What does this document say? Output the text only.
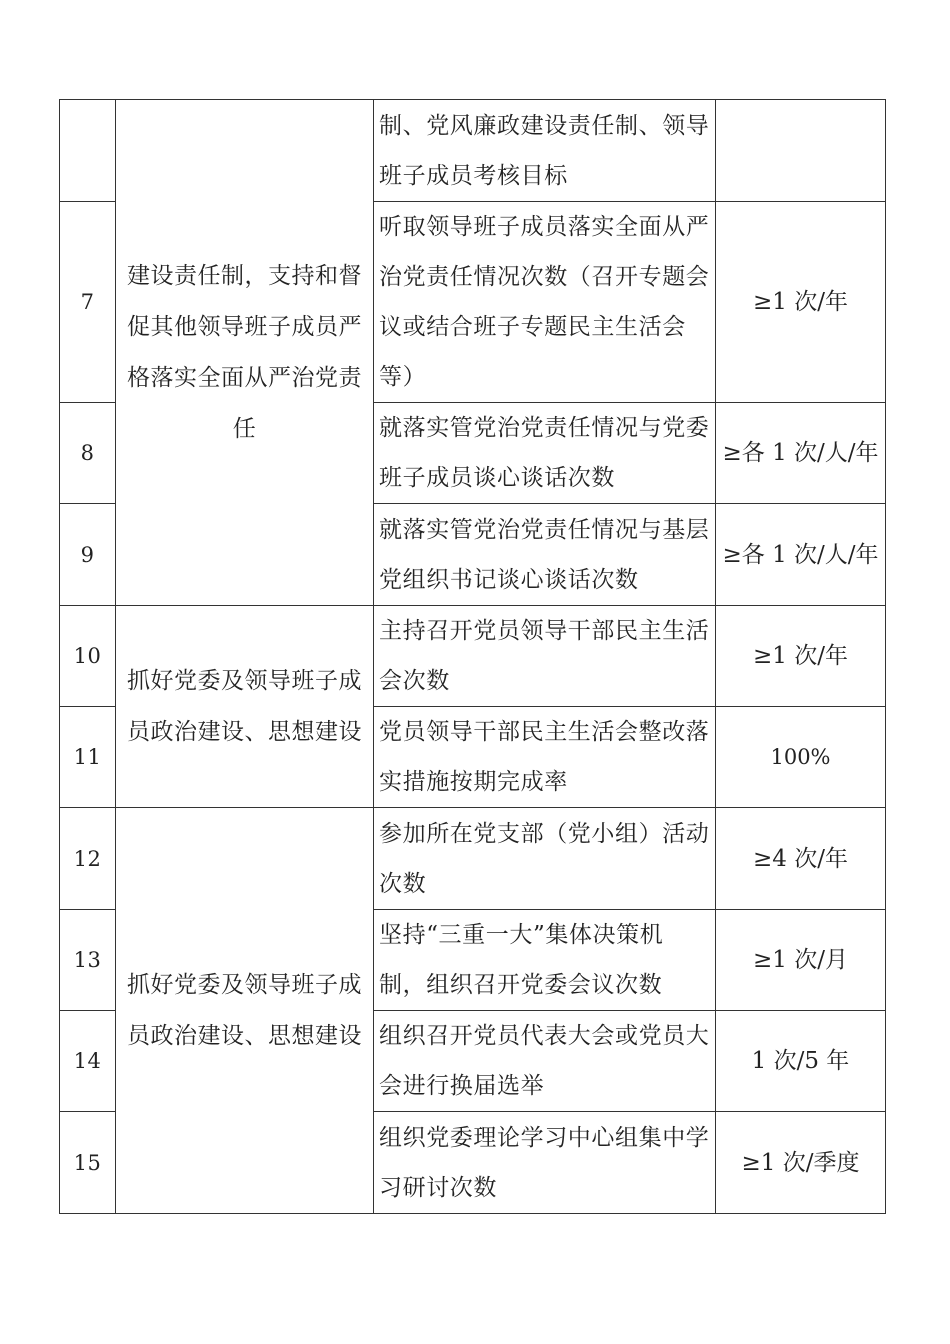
	建设责任制，支持和督促其他领导班子成员严格落实全面从严治党责任	制、党风廉政建设责任制、领导班子成员考核目标	
7		听取领导班子成员落实全面从严治党责任情况次数（召开专题会议或结合班子专题民主生活会等）	≥1 次/年
8		就落实管党治党责任情况与党委班子成员谈心谈话次数	≥各 1 次/人/年
9		就落实管党治党责任情况与基层党组织书记谈心谈话次数	≥各 1 次/人/年
10	抓好党委及领导班子成员政治建设、思想建设	主持召开党员领导干部民主生活会次数	≥1 次/年
11		党员领导干部民主生活会整改落实措施按期完成率	100%
12	抓好党委及领导班子成员政治建设、思想建设	参加所在党支部（党小组）活动次数	≥4 次/年
13		坚持“三重一大”集体决策机制，组织召开党委会议次数	≥1 次/月
14		组织召开党员代表大会或党员大会进行换届选举	1 次/5 年
15		组织党委理论学习中心组集中学习研讨次数	≥1 次/季度
